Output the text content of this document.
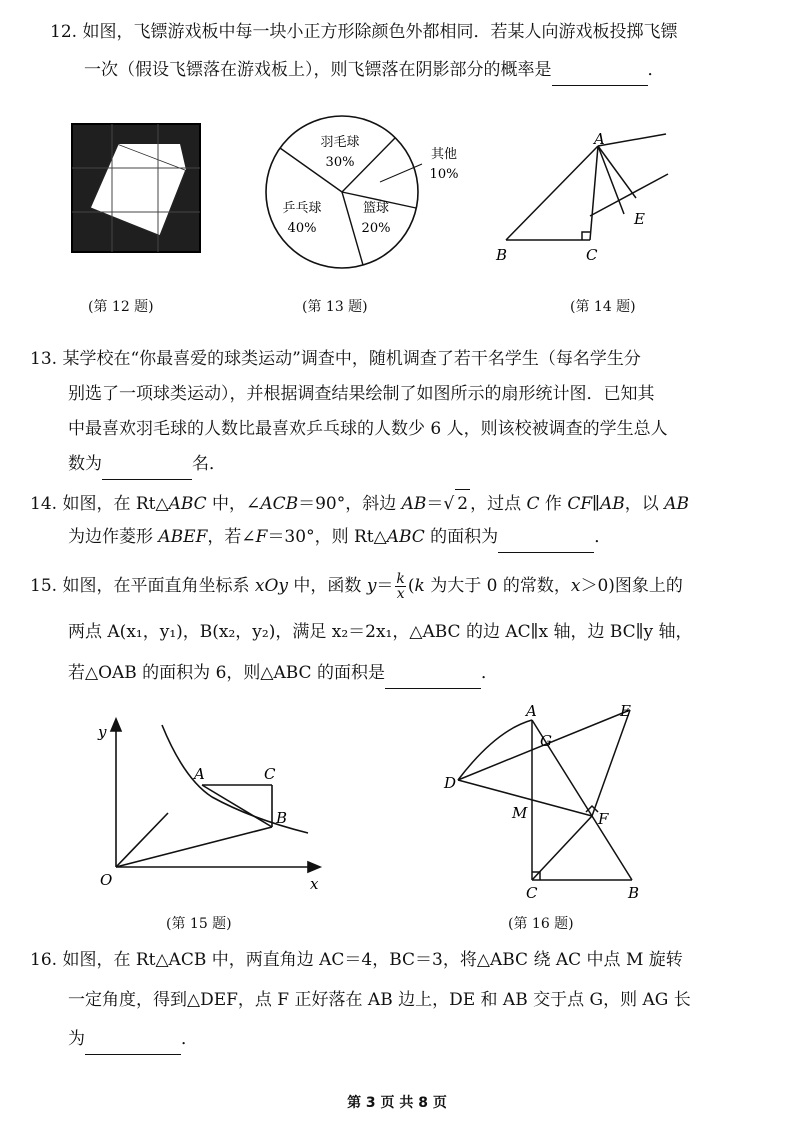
12. 如图，飞镖游戏板中每一块小正方形除颜色外都相同．若某人向游戏板投掷飞镖
一次（假设飞镖落在游戏板上），则飞镖落在阴影部分的概率是	．
(第 12 题)
羽毛球
30%
其他
10%
篮球
20%
乒乓球
40%
(第 13 题)
A
B	C
E
(第 14 题)
13. 某学校在“你最喜爱的球类运动”调查中，随机调查了若干名学生（每名学生分
别选了一项球类运动），并根据调查结果绘制了如图所示的扇形统计图．已知其
中最喜欢羽毛球的人数比最喜欢乒乓球的人数少 6 人，则该校被调查的学生总人
数为	名．
14. 如图，在 Rt△ABC 中，∠ACB＝90°，斜边 AB＝√ 2 ，过点 C 作 CF∥AB，以 AB
为边作菱形 ABEF，若∠F＝30°，则 Rt△ABC 的面积为	．
15. 如图，在平面直角坐标系 xOy 中，函数 $y= \frac{k}{x} (k$ 为大于 0 的常数，x＞0)图象上的
两点 A(x₁，y₁)，B(x₂，y₂)，满足 x₂＝2x₁，△ABC 的边 AC∥x 轴，边 BC∥y 轴，
若△OAB 的面积为 6，则△ABC 的面积是	．
y
x
O
A	C
B
(第 15 题)
A
G
E
D
M	F
C	B
(第 16 题)
16. 如图，在 Rt△ACB 中，两直角边 AC＝4，BC＝3，将△ABC 绕 AC 中点 M 旋转
一定角度，得到△DEF，点 F 正好落在 AB 边上，DE 和 AB 交于点 G，则 AG 长
为	．
第 3 页 共 8 页
